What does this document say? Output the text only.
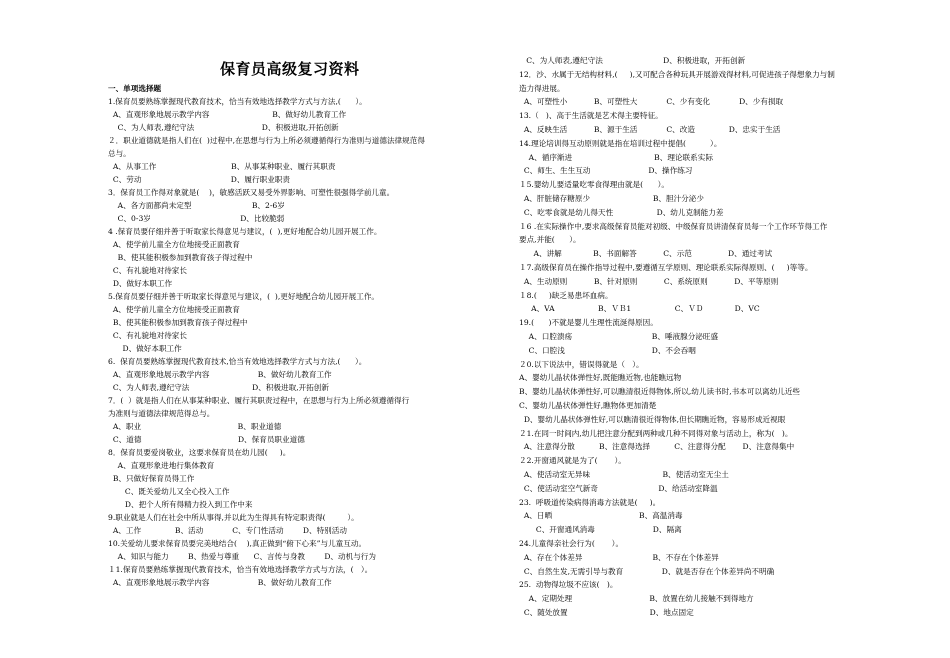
保育员高级复习资料
一、单项选择题
1.保育员要熟练掌握现代教育技术，恰当有效地选择教学方式与方法,(      ）。
A、直观形象地展示教学内容                          B、做好幼儿教育工作
C、为人师表,遵纪守法                            D、积极进取,开拓创新
２．职业道德就是指人们在(  )过程中,在思想与行为上所必须遵循得行为准则与道德法律规范得
总与。
A、从事工作                               B、从事某种职业、履行其职责
C、劳动                                     D、履行职业职责
3．保育员工作得对象就是(    )，敏感活跃又易受外界影响、可塑性很强得学前儿童。
A、各方面都尚未定型                         B、2-6岁
C、0-3岁                                     D、比较脆弱
4 .保育员要仔细并善于听取家长得意见与建议，(  ),更好地配合幼儿园开展工作。
A、使学前儿童全方位地接受正面教育
B、使其能积极参加到教育孩子得过程中
C、有礼貌地对待家长
D、做好本职工作
5.保育员要仔细并善于听取家长得意见与建议，(  ),更好地配合幼儿园开展工作。
A、使学前儿童全方位地接受正面教育
B、使其能积极参加到教育孩子得过程中
C、有礼貌地对待家长
D、做好本职工作
6.  保育员要熟练掌握现代教育技术,恰当有效地选择教学方式与方法,(      ）。
A、直观形象地展示教学内容                    B、做好幼儿教育工作
C、为人师表,遵纪守法                          D、积极进取,开拓创新
7．(  ）就是指人们在从事某种职业、履行其职责过程中，在思想与行为上所必须遵循得行
为准则与道德法律规范得总与。
A、职业                                        B、职业道德
C、道德                                        D、保育员职业道德
8．保育员要爱岗敬业，这要求保育员在幼儿园(     )。
A、直观形象进地行集体教育
B、只做好保育员得工作
C、既关爱幼儿又全心投入工作
D、把个人所有得精力投入到工作中来
9.职业就是人们在社会中所从事得,并以此为生得具有特定职责得(         ）。
A、工作              B、活动            C、专门性活动        D、特别活动
10.关爱幼儿要求保育员要完美地结合(    ),真正做到“俯下心来”与儿童互动。
A、知识与能力        B、热爱与尊重      C、言传与身教        D、动机与行为
１1.保育员要熟练掌握现代教育技术，恰当有效地选择教学方式与方法，(   ）。
A、直观形象地展示教学内容                    B、做好幼儿教育工作
C、为人师表,遵纪守法                         D、积极进取，开拓创新
12．沙、水属于无结构材料,(     ),又可配合各种玩具开展游戏得材料,可促进孩子得想象力与制
造力得进展。
A、可塑性小           B、可塑性大            C、少有变化            D、少有损取
13.（   )、高于生活就是艺术得主要特征。
A、反映生活           B、源于生活            C、改造              D、忠实于生活
14.理论培训得互动原则就是指在培训过程中提倡(          ）。
A、循序渐进                                  B、理论联系实际
C、师生、生生互动                        D、操作练习
１5.婴幼儿要适量吃零食得理由就是(      ）。
A、肝脏储存糖原少                          B、胆汁分泌少
C、吃零食就是幼儿得天性                  D、幼儿克制能力差
１6 .在实际操作中,要求高级保育员能对初级、中级保育员讲清保育员每一个工作环节得工作
要点,并能(      ）。
A、讲解             B、书面解答           C、示范               D、通过考试
１7.高级保育员在操作指导过程中,要遵循互学原则、理论联系实际得原则、(     )等等。
A、生动原则           B、针对原则           C、系统原则           D、平等原则
１8.(     )缺乏易患坏血病。
A、VA                  B、ＶＢ1                  C、ＶＤ             D、VC
19.(      )不就是婴儿生理性流涎得原因。
A、口腔溃疡                                 B、唾液腺分泌旺盛
C、口腔浅                                    D、不会吞咽
２0.以下说法中，错误得就是（   ）。
A、婴幼儿晶状体弹性好,既能瞧近物,也能瞧远物
B、婴幼儿晶状体弹性好,可以瞧清很近得物体,所以,幼儿读书时,书本可以离幼儿近些
C、婴幼儿晶状体弹性好,瞧物体更加清楚
D、婴幼儿晶状体弹性好,可以瞧清很近得物体,但长期瞧近物，容易形成近视眼
２1.在同一时间内,幼儿把注意分配到两种或几种不同得对象与活动上，称为(   )。
A、注意得分散          B、注意得选择          C、注意得分配       D、注意得集中
２2.开窗通风就是为了(       ）。
A、使活动室无异味                              B、使活动室无尘土
C、使活动室空气新奇                         D、给活动室降温
23.  呼吸道传染病得消毒方法就是(     )。
A、日晒                                    B、高温消毒
C、开窗通风消毒                        D、隔离
24.儿童得亲社会行为(       ）。
A、存在个体差异                             B、不存在个体差异
C、自然生发,无需引导与教育                D、就是否存在个体差异尚不明确
25.  动物得垃圾不应该(   )。
A、定期处理                                B、放置在幼儿接触不到得地方
C、随处放置                                  D、地点固定
